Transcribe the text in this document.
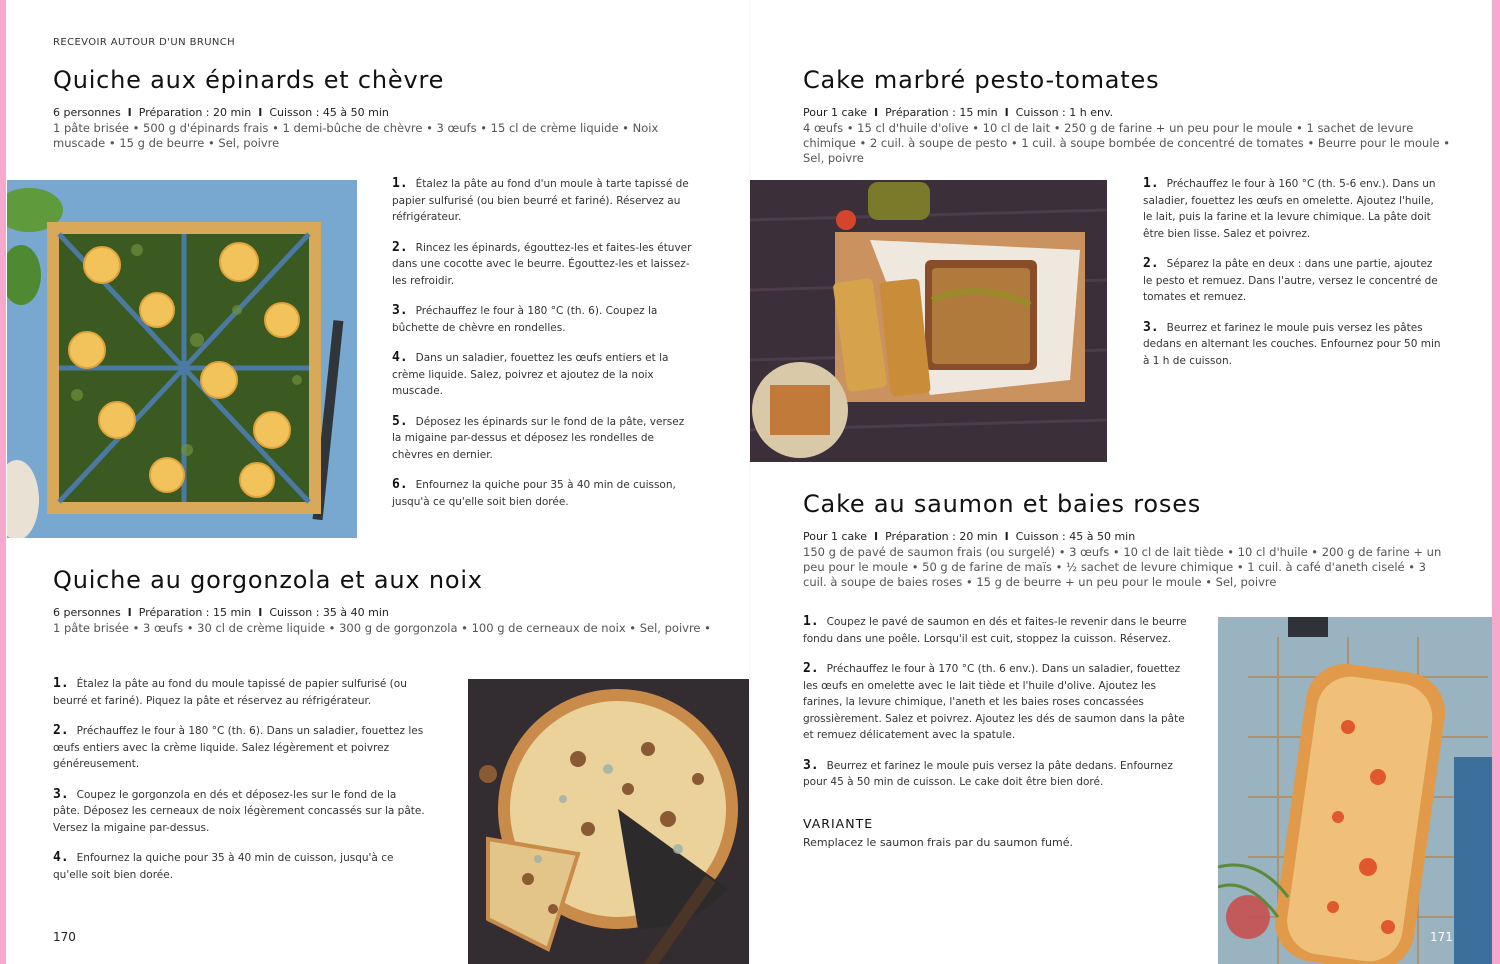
RECEVOIR AUTOUR D'UN BRUNCH
Quiche aux épinards et chèvre
6 personnes I Préparation : 20 min I Cuisson : 45 à 50 min
1 pâte brisée • 500 g d'épinards frais • 1 demi-bûche de chèvre • 3 œufs • 15 cl de crème liquide • Noix muscade • 15 g de beurre • Sel, poivre
1. Étalez la pâte au fond d'un moule à tarte tapissé de papier sulfurisé (ou bien beurré et fariné). Réservez au réfrigérateur.
2. Rincez les épinards, égouttez-les et faites-les étuver dans une cocotte avec le beurre. Égouttez-les et laissez-les refroidir.
3. Préchauffez le four à 180 °C (th. 6). Coupez la bûchette de chèvre en rondelles.
4. Dans un saladier, fouettez les œufs entiers et la crème liquide. Salez, poivrez et ajoutez de la noix muscade.
5. Déposez les épinards sur le fond de la pâte, versez la migaine par-dessus et déposez les rondelles de chèvres en dernier.
6. Enfournez la quiche pour 35 à 40 min de cuisson, jusqu'à ce qu'elle soit bien dorée.
Quiche au gorgonzola et aux noix
6 personnes I Préparation : 15 min I Cuisson : 35 à 40 min
1 pâte brisée • 3 œufs • 30 cl de crème liquide • 300 g de gorgonzola • 100 g de cerneaux de noix • Sel, poivre •
1. Étalez la pâte au fond du moule tapissé de papier sulfurisé (ou beurré et fariné). Piquez la pâte et réservez au réfrigérateur.
2. Préchauffez le four à 180 °C (th. 6). Dans un saladier, fouettez les œufs entiers avec la crème liquide. Salez légèrement et poivrez généreusement.
3. Coupez le gorgonzola en dés et déposez-les sur le fond de la pâte. Déposez les cerneaux de noix légèrement concassés sur la pâte. Versez la migaine par-dessus.
4. Enfournez la quiche pour 35 à 40 min de cuisson, jusqu'à ce qu'elle soit bien dorée.
170
Cake marbré pesto-tomates
Pour 1 cake I Préparation : 15 min I Cuisson : 1 h env.
4 œufs • 15 cl d'huile d'olive • 10 cl de lait • 250 g de farine + un peu pour le moule • 1 sachet de levure chimique • 2 cuil. à soupe de pesto • 1 cuil. à soupe bombée de concentré de tomates • Beurre pour le moule • Sel, poivre
1. Préchauffez le four à 160 °C (th. 5-6 env.). Dans un saladier, fouettez les œufs en omelette. Ajoutez l'huile, le lait, puis la farine et la levure chimique. La pâte doit être bien lisse. Salez et poivrez.
2. Séparez la pâte en deux : dans une partie, ajoutez le pesto et remuez. Dans l'autre, versez le concentré de tomates et remuez.
3. Beurrez et farinez le moule puis versez les pâtes dedans en alternant les couches. Enfournez pour 50 min à 1 h de cuisson.
Cake au saumon et baies roses
Pour 1 cake I Préparation : 20 min I Cuisson : 45 à 50 min
150 g de pavé de saumon frais (ou surgelé) • 3 œufs • 10 cl de lait tiède • 10 cl d'huile • 200 g de farine + un peu pour le moule • 50 g de farine de maïs • ½ sachet de levure chimique • 1 cuil. à café d'aneth ciselé • 3 cuil. à soupe de baies roses • 15 g de beurre + un peu pour le moule • Sel, poivre
1. Coupez le pavé de saumon en dés et faites-le revenir dans le beurre fondu dans une poêle. Lorsqu'il est cuit, stoppez la cuisson. Réservez.
2. Préchauffez le four à 170 °C (th. 6 env.). Dans un saladier, fouettez les œufs en omelette avec le lait tiède et l'huile d'olive. Ajoutez les farines, la levure chimique, l'aneth et les baies roses concassées grossièrement. Salez et poivrez. Ajoutez les dés de saumon dans la pâte et remuez délicatement avec la spatule.
3. Beurrez et farinez le moule puis versez la pâte dedans. Enfournez pour 45 à 50 min de cuisson. Le cake doit être bien doré.
VARIANTE
Remplacez le saumon frais par du saumon fumé.
171
